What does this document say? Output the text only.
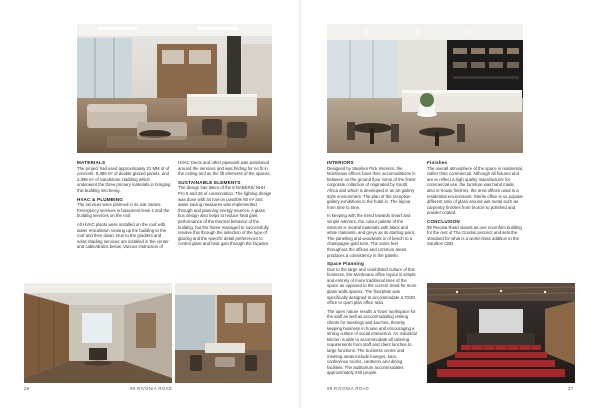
MATERIALS

The project had used approximately 21 MM of of concrete, 8,389 m² of double glazed panels, and 2,386 m² of Sandstone cladding which underwent the three primary materials in bringing this building into being.

HVAC & PLUMBING

The services were planned in its Ivar James Emergency services in basement level 2 and the building services on the roof.

All HVAC plants were installed on the roof with water reticulation running up the building to the roof and then down. Due to the gradient and solar shading services are installed in the center and cable/drains below, Various instruction of

HVAC Ducts and other pipework was positioned around the services and was finding for no fit in the ceiling and as the lift elements of the spaces.

SUSTAINABLE ELEMENTS

The design has taken of the 5 NABERS/ NHH Pro 5 and 26 of conservation. The lighting design was done with an low-on possible 60 m² and water saving measures was implemented through and planning energy sources. A glass box design also helps to reduce heat gain, performance of the thermal behavior of the building, but the frame managed to successfully resolve this through the selection of the type of glazing and the specific detail preferences to control glare and heat gain through the façades.

26	99 RIVONIA ROAD
INTERIORS

Designed by Stephen Pick Interiors, the Montreaux offices have their accomodations in between on the ground floor some of the finest corporate collection of originated by South Africa and which is developed in an art gallery style environment. The plan of the reception gallery exhibitions in the hotel in. The layout from time to time.

In keeping with the trend towards smart and simple interiors, the colour palette of the interiors is neutral materials with black and white materials, and greys as its starting point. The panelling and woodwork is of beech to a champagne gold tone. The same feel throughout the offices and common areas produces a consistency in the palette.

Space Planning

Due to the large and uninhibited culture of this business, the Montreaux office layout is simple and entirely of more traditional lines of the space as opposed to the current trend for more glass walls spaces. The floorplate was specifically designed to accommodate a 70/30 office to open plan office ratio.

The open nature results a 'town' workspace for the staff as well as accommodating visiting clients for meetings and lunches, thereby keeping business in house and encouraging a strong culture of social interaction. An industrial kitchen is able to accommodate all catering requirements from staff and client lunches to large functions. The business centre and meeting areas include lounges, bars, conference rooms, canteens and dining facilities. The auditorium accommodates approximately 240 people.

Finishes

The overall atmosphere of the space is residential, rather than commercial. Although all fixtures and are to reflect a high quality manufacturer for commercial use, the furniture was hand made, also in-house finishes, the area offices used in a residential environment. Sterile office is so popular different ratio of glass around wet metal such as carpentry finishes from bronze to polished and powder coated.

CONCLUSION

99 Rivonia Road stands as one reconfirm building for the rest of The Gordon precinct and sets the standard for what is a world-class addition to the Sandton CBD.

99 RIVONIA ROAD	27
